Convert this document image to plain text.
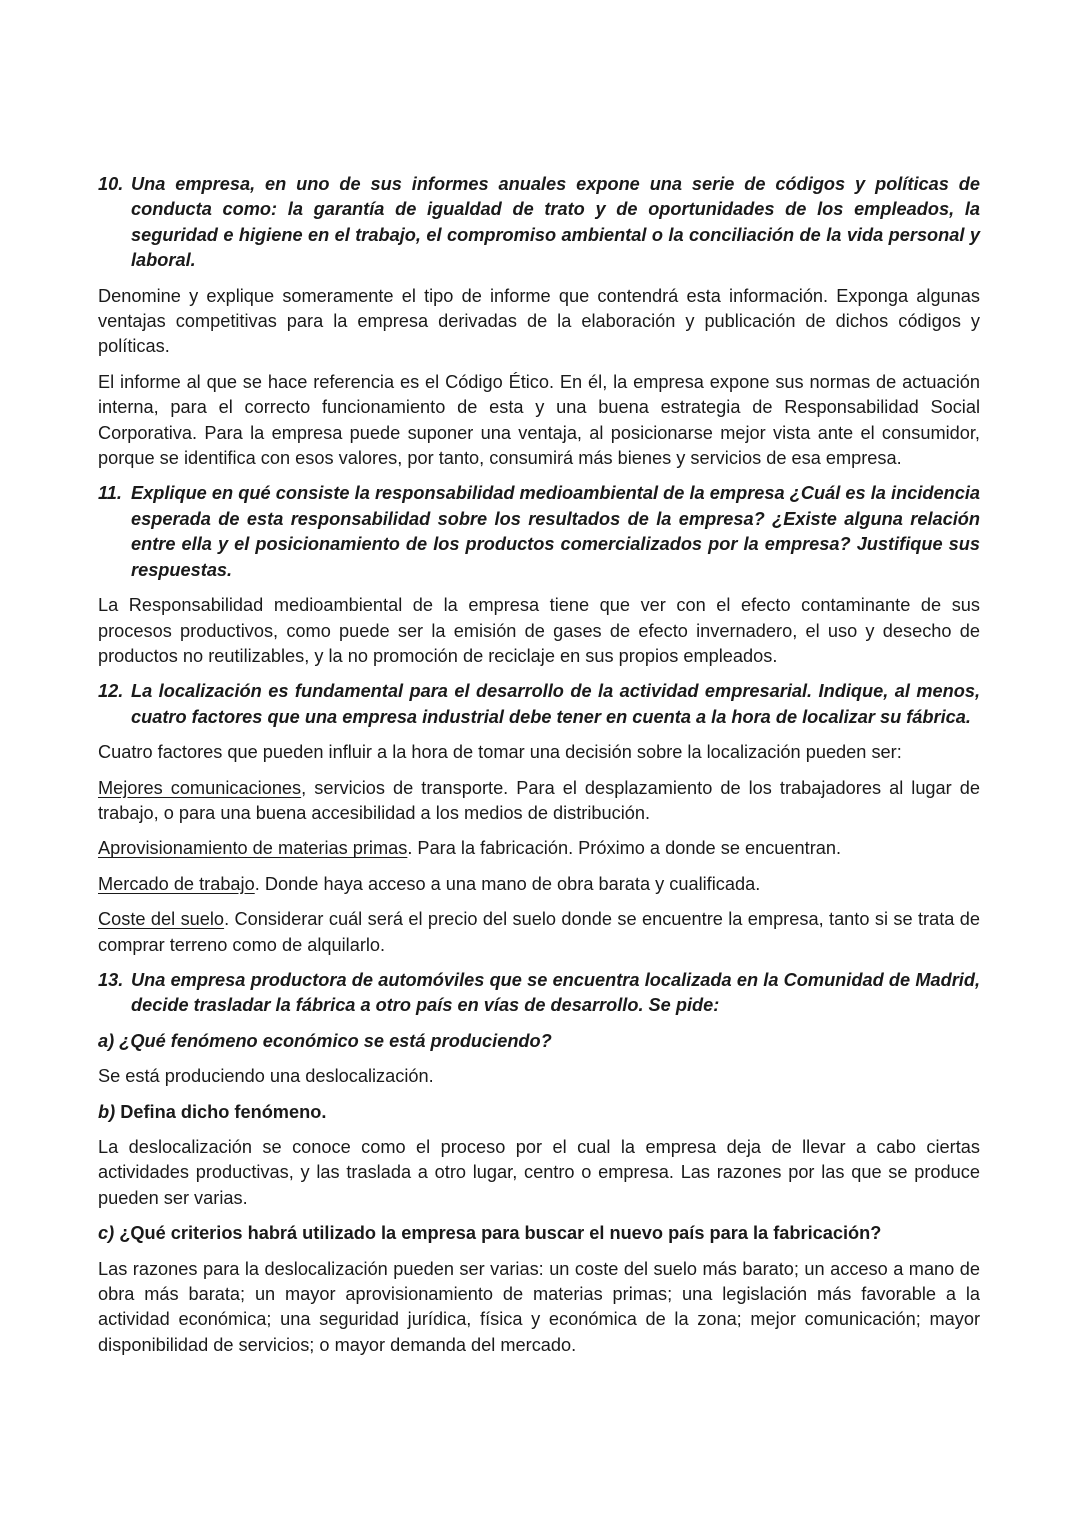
10. Una empresa, en uno de sus informes anuales expone una serie de códigos y políticas de conducta como: la garantía de igualdad de trato y de oportunidades de los empleados, la seguridad e higiene en el trabajo, el compromiso ambiental o la conciliación de la vida personal y laboral.

Denomine y explique someramente el tipo de informe que contendrá esta información. Exponga algunas ventajas competitivas para la empresa derivadas de la elaboración y publicación de dichos códigos y políticas.

El informe al que se hace referencia es el Código Ético. En él, la empresa expone sus normas de actuación interna, para el correcto funcionamiento de esta y una buena estrategia de Responsabilidad Social Corporativa. Para la empresa puede suponer una ventaja, al posicionarse mejor vista ante el consumidor, porque se identifica con esos valores, por tanto, consumirá más bienes y servicios de esa empresa.

11. Explique en qué consiste la responsabilidad medioambiental de la empresa ¿Cuál es la incidencia esperada de esta responsabilidad sobre los resultados de la empresa? ¿Existe alguna relación entre ella y el posicionamiento de los productos comercializados por la empresa? Justifique sus respuestas.

La Responsabilidad medioambiental de la empresa tiene que ver con el efecto contaminante de sus procesos productivos, como puede ser la emisión de gases de efecto invernadero, el uso y desecho de productos no reutilizables, y la no promoción de reciclaje en sus propios empleados.

12. La localización es fundamental para el desarrollo de la actividad empresarial. Indique, al menos, cuatro factores que una empresa industrial debe tener en cuenta a la hora de localizar su fábrica.

Cuatro factores que pueden influir a la hora de tomar una decisión sobre la localización pueden ser:

Mejores comunicaciones, servicios de transporte. Para el desplazamiento de los trabajadores al lugar de trabajo, o para una buena accesibilidad a los medios de distribución.

Aprovisionamiento de materias primas. Para la fabricación. Próximo a donde se encuentran.

Mercado de trabajo. Donde haya acceso a una mano de obra barata y cualificada.

Coste del suelo. Considerar cuál será el precio del suelo donde se encuentre la empresa, tanto si se trata de comprar terreno como de alquilarlo.

13. Una empresa productora de automóviles que se encuentra localizada en la Comunidad de Madrid, decide trasladar la fábrica a otro país en vías de desarrollo. Se pide:

a) ¿Qué fenómeno económico se está produciendo?

Se está produciendo una deslocalización.

b) Defina dicho fenómeno.

La deslocalización se conoce como el proceso por el cual la empresa deja de llevar a cabo ciertas actividades productivas, y las traslada a otro lugar, centro o empresa. Las razones por las que se produce pueden ser varias.

c) ¿Qué criterios habrá utilizado la empresa para buscar el nuevo país para la fabricación?

Las razones para la deslocalización pueden ser varias: un coste del suelo más barato; un acceso a mano de obra más barata; un mayor aprovisionamiento de materias primas; una legislación más favorable a la actividad económica; una seguridad jurídica, física y económica de la zona; mejor comunicación; mayor disponibilidad de servicios; o mayor demanda del mercado.
